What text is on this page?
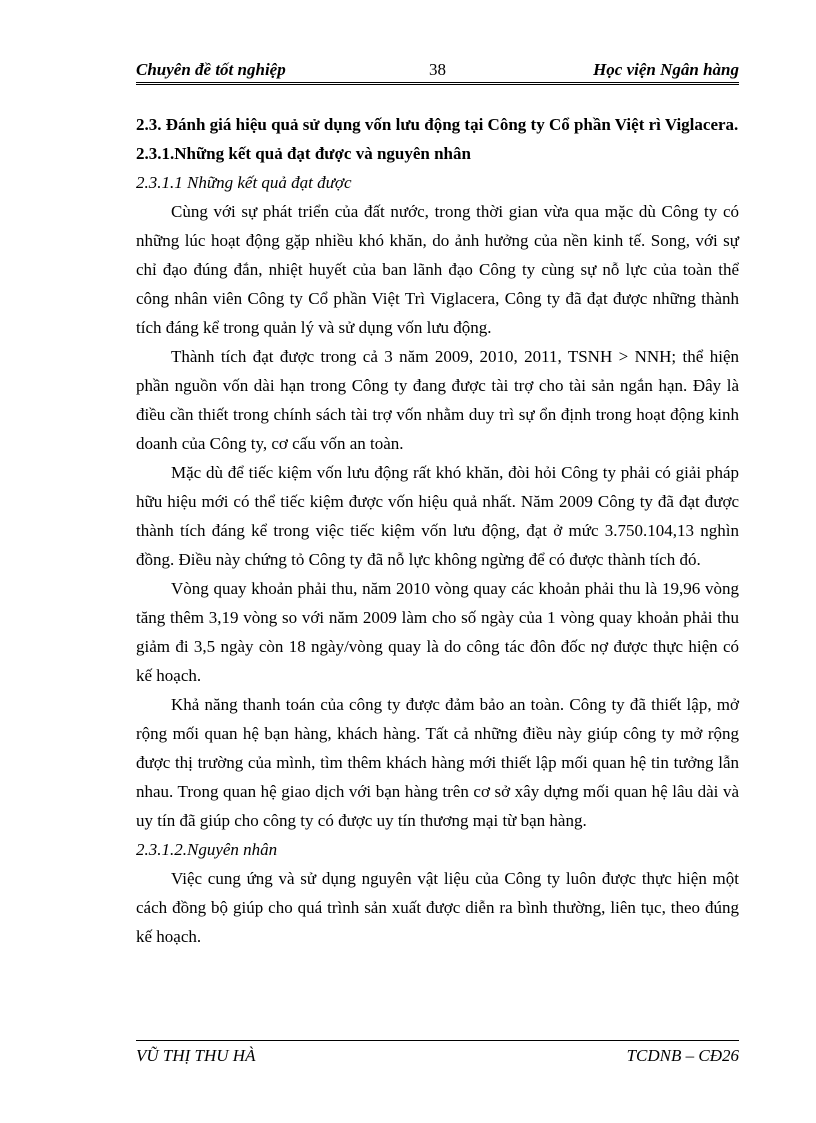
Chuyên đề tốt nghiệp	38	Học viện Ngân hàng

2.3. Đánh giá hiệu quả sử dụng vốn lưu động tại Công ty Cổ phần Việt rì Viglacera.

2.3.1.Những kết quả đạt được và nguyên nhân

2.3.1.1 Những kết quả đạt được

Cùng với sự phát triển của đất nước, trong thời gian vừa qua mặc dù Công ty có những lúc hoạt động gặp nhiều khó khăn, do ảnh hưởng của nền kinh tế. Song, với sự chỉ đạo đúng đắn, nhiệt huyết của ban lãnh đạo Công ty cùng sự nỗ lực của toàn thể công nhân viên Công ty Cổ phần Việt Trì Viglacera, Công ty đã đạt được những thành tích đáng kể trong quản lý và sử dụng vốn lưu động.

Thành tích đạt được trong cả 3 năm 2009, 2010, 2011, TSNH > NNH; thể hiện phần nguồn vốn dài hạn trong Công ty đang được tài trợ cho tài sản ngắn hạn. Đây là điều cần thiết trong chính sách tài trợ vốn nhằm duy trì sự ổn định trong hoạt động kinh doanh của Công ty, cơ cấu vốn an toàn.

Mặc dù để tiếc kiệm vốn lưu động rất khó khăn, đòi hỏi Công ty phải có giải pháp hữu hiệu mới có thể tiếc kiệm được vốn hiệu quả nhất. Năm 2009 Công ty đã đạt được thành tích đáng kể trong việc tiếc kiệm vốn lưu động, đạt ở mức 3.750.104,13 nghìn đồng. Điều này chứng tỏ Công ty đã nỗ lực không ngừng để có được thành tích đó.

Vòng quay khoản phải thu, năm 2010 vòng quay các khoản phải thu là 19,96 vòng tăng thêm 3,19 vòng so với năm 2009 làm cho số ngày của 1 vòng quay khoản phải thu giảm đi 3,5 ngày còn 18 ngày/vòng quay là do công tác đôn đốc nợ được thực hiện có kế hoạch.

Khả năng thanh toán của công ty được đảm bảo an toàn. Công ty đã thiết lập, mở rộng mối quan hệ bạn hàng, khách hàng. Tất cả những điều này giúp công ty mở rộng được thị trường của mình, tìm thêm khách hàng mới thiết lập mối quan hệ tin tưởng lẫn nhau. Trong quan hệ giao dịch với bạn hàng trên cơ sở xây dựng mối quan hệ lâu dài và uy tín đã giúp cho công ty có được uy tín thương mại từ bạn hàng.

2.3.1.2.Nguyên nhân

Việc cung ứng và sử dụng nguyên vật liệu của Công ty luôn được thực hiện một cách đồng bộ giúp cho quá trình sản xuất được diễn ra bình thường, liên tục, theo đúng kế hoạch.

VŨ THỊ THU HÀ	TCDNB – CĐ26
